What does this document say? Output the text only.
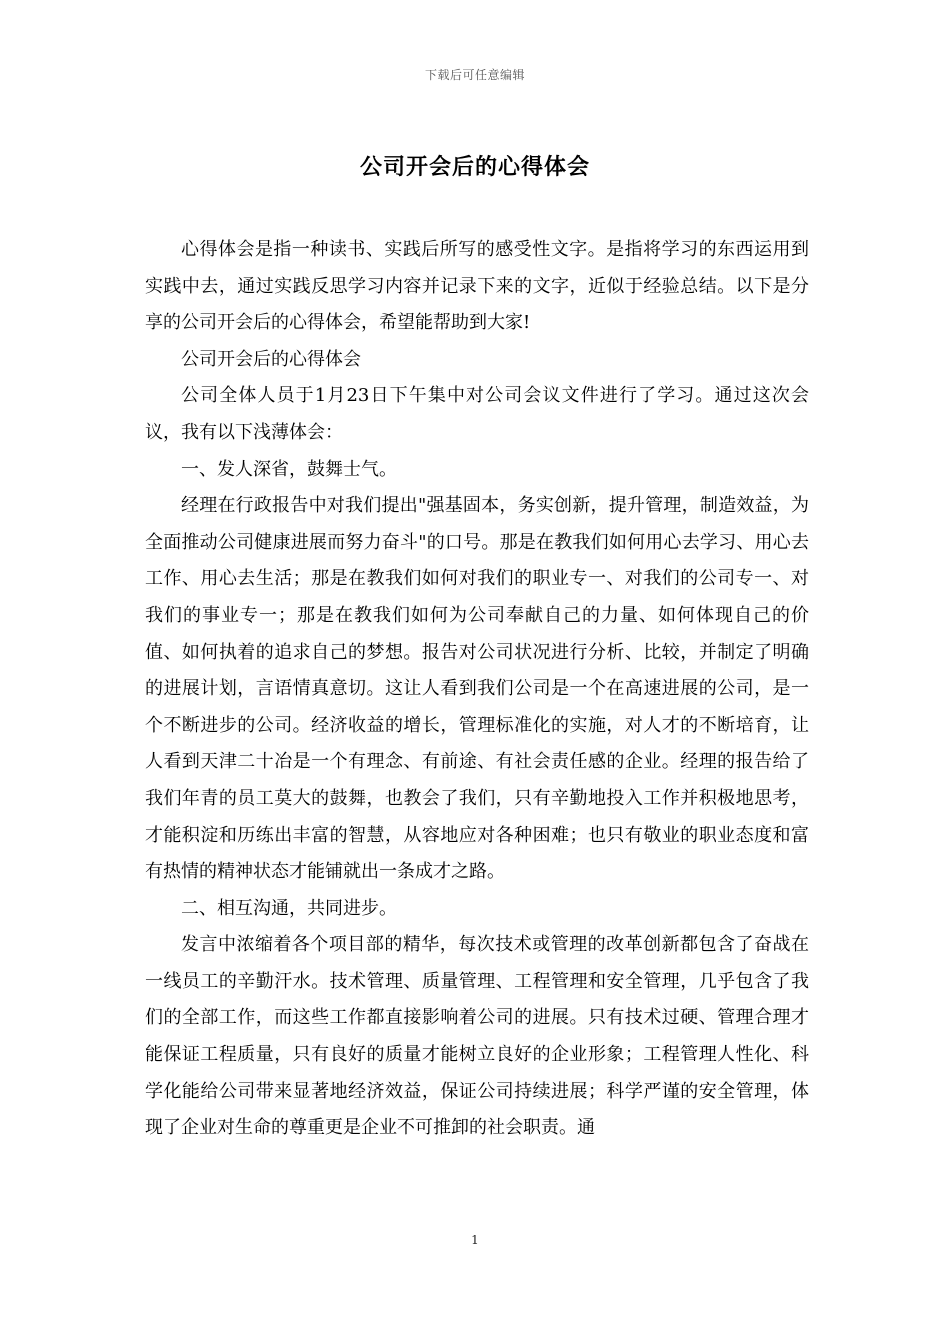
下载后可任意编辑
公司开会后的心得体会

心得体会是指一种读书、实践后所写的感受性文字。是指将学习的东西运用到实践中去，通过实践反思学习内容并记录下来的文字，近似于经验总结。以下是分享的公司开会后的心得体会，希望能帮助到大家!

公司开会后的心得体会

公司全体人员于1月23日下午集中对公司会议文件进行了学习。通过这次会议，我有以下浅薄体会：

一、发人深省，鼓舞士气。

经理在行政报告中对我们提出"强基固本，务实创新，提升管理，制造效益，为全面推动公司健康进展而努力奋斗"的口号。那是在教我们如何用心去学习、用心去工作、用心去生活；那是在教我们如何对我们的职业专一、对我们的公司专一、对我们的事业专一；那是在教我们如何为公司奉献自己的力量、如何体现自己的价值、如何执着的追求自己的梦想。报告对公司状况进行分析、比较，并制定了明确的进展计划，言语情真意切。这让人看到我们公司是一个在高速进展的公司，是一个不断进步的公司。经济收益的增长，管理标准化的实施，对人才的不断培育，让人看到天津二十冶是一个有理念、有前途、有社会责任感的企业。经理的报告给了我们年青的员工莫大的鼓舞，也教会了我们，只有辛勤地投入工作并积极地思考，才能积淀和历练出丰富的智慧，从容地应对各种困难；也只有敬业的职业态度和富有热情的精神状态才能铺就出一条成才之路。

二、相互沟通，共同进步。

发言中浓缩着各个项目部的精华，每次技术或管理的改革创新都包含了奋战在一线员工的辛勤汗水。技术管理、质量管理、工程管理和安全管理，几乎包含了我们的全部工作，而这些工作都直接影响着公司的进展。只有技术过硬、管理合理才能保证工程质量，只有良好的质量才能树立良好的企业形象；工程管理人性化、科学化能给公司带来显著地经济效益，保证公司持续进展；科学严谨的安全管理，体现了企业对生命的尊重更是企业不可推卸的社会职责。通

1
